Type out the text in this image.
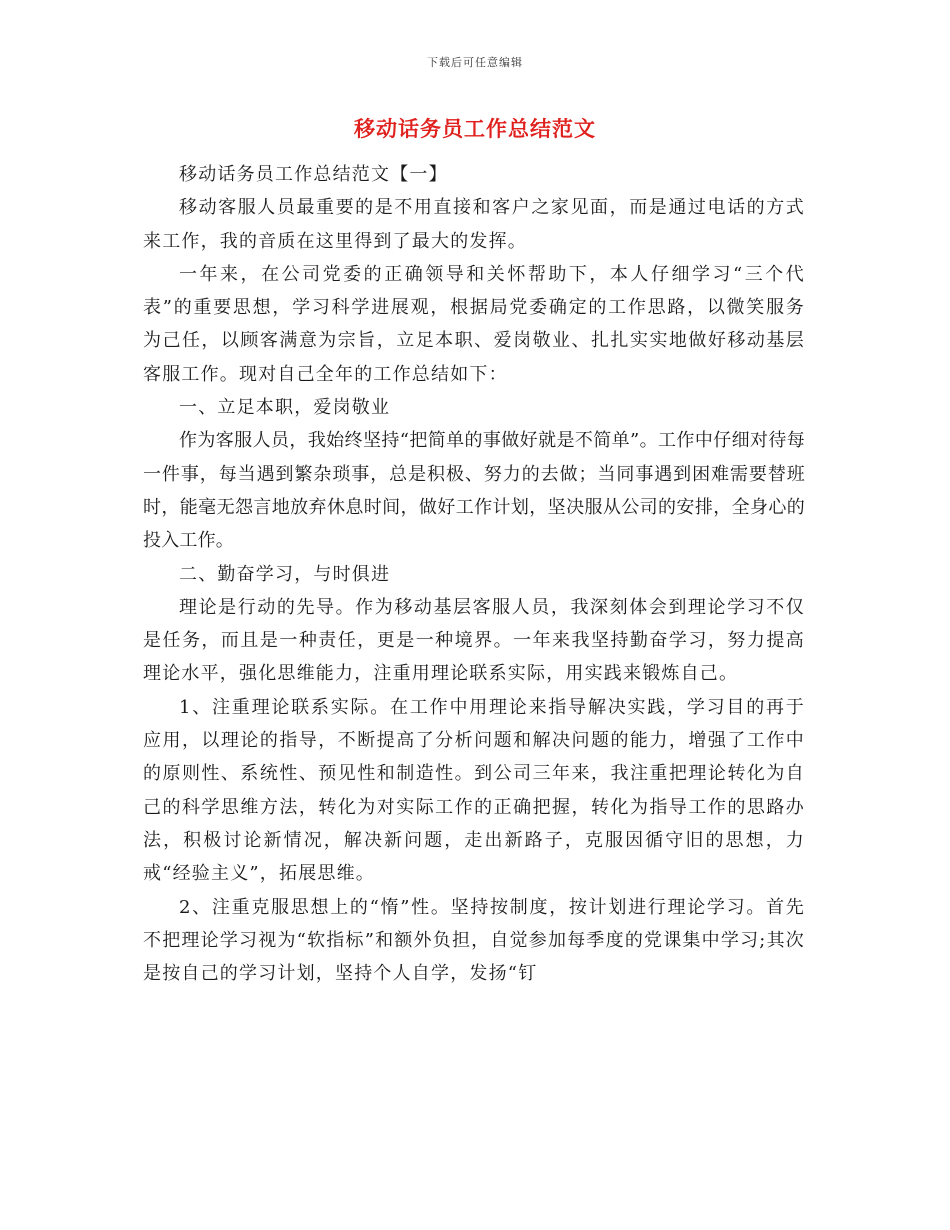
下载后可任意编辑
移动话务员工作总结范文

移动话务员工作总结范文【一】

移动客服人员最重要的是不用直接和客户之家见面，而是通过电话的方式来工作，我的音质在这里得到了最大的发挥。

一年来，在公司党委的正确领导和关怀帮助下，本人仔细学习“三个代表”的重要思想，学习科学进展观，根据局党委确定的工作思路，以微笑服务为己任，以顾客满意为宗旨，立足本职、爱岗敬业、扎扎实实地做好移动基层客服工作。现对自己全年的工作总结如下：

一、立足本职，爱岗敬业

作为客服人员，我始终坚持“把简单的事做好就是不简单”。工作中仔细对待每一件事，每当遇到繁杂琐事，总是积极、努力的去做；当同事遇到困难需要替班时，能毫无怨言地放弃休息时间，做好工作计划，坚决服从公司的安排，全身心的投入工作。

二、勤奋学习，与时俱进

理论是行动的先导。作为移动基层客服人员，我深刻体会到理论学习不仅是任务，而且是一种责任，更是一种境界。一年来我坚持勤奋学习，努力提高理论水平，强化思维能力，注重用理论联系实际，用实践来锻炼自己。

1、注重理论联系实际。在工作中用理论来指导解决实践，学习目的再于应用，以理论的指导，不断提高了分析问题和解决问题的能力，增强了工作中的原则性、系统性、预见性和制造性。到公司三年来，我注重把理论转化为自己的科学思维方法，转化为对实际工作的正确把握，转化为指导工作的思路办法，积极讨论新情况，解决新问题，走出新路子，克服因循守旧的思想，力戒“经验主义”，拓展思维。

2、注重克服思想上的“惰”性。坚持按制度，按计划进行理论学习。首先不把理论学习视为“软指标”和额外负担，自觉参加每季度的党课集中学习;其次是按自己的学习计划，坚持个人自学，发扬“钉
